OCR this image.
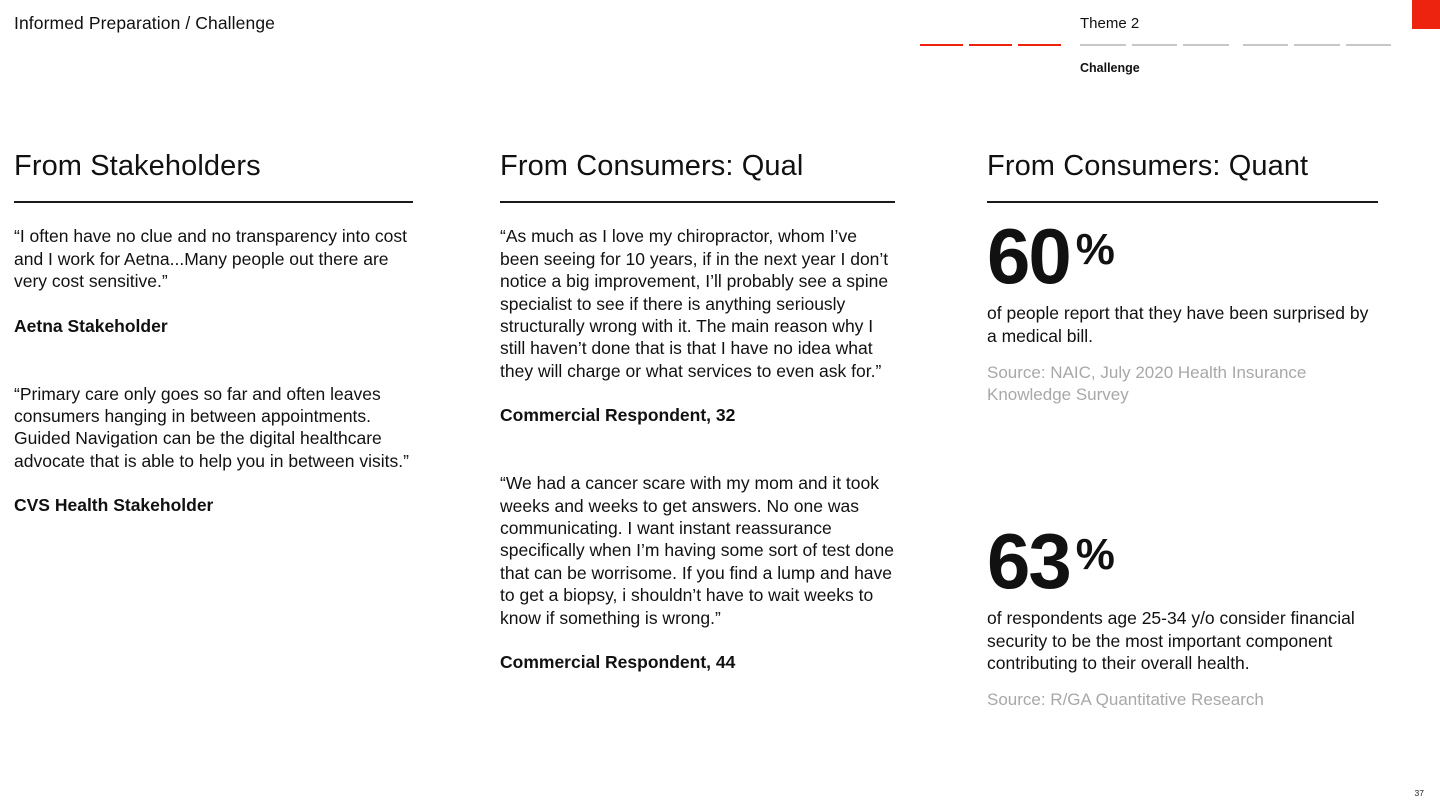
Informed Preparation / Challenge	Theme 2
Challenge
From Stakeholders

“I often have no clue and no transparency into cost and I work for Aetna...Many people out there are very cost sensitive.”

Aetna Stakeholder

“Primary care only goes so far and often leaves consumers hanging in between appointments. Guided Navigation can be the digital healthcare advocate that is able to help you in between visits.”

CVS Health Stakeholder

From Consumers: Qual

“As much as I love my chiropractor, whom I’ve been seeing for 10 years, if in the next year I don’t notice a big improvement, I’ll probably see a spine specialist to see if there is anything seriously structurally wrong with it. The main reason why I still haven’t done that is that I have no idea what they will charge or what services to even ask for.”

Commercial Respondent, 32

“We had a cancer scare with my mom and it took weeks and weeks to get answers. No one was communicating. I want instant reassurance specifically when I’m having some sort of test done that can be worrisome. If you find a lump and have to get a biopsy, i shouldn’t have to wait weeks to know if something is wrong.”

Commercial Respondent, 44

From Consumers: Quant
60 %
of people report that they have been surprised by a medical bill.
Source: NAIC, July 2020 Health Insurance Knowledge Survey
63 %
of respondents age 25-34 y/o consider financial security to be the most important component contributing to their overall health.
Source: R/GA Quantitative Research
37
